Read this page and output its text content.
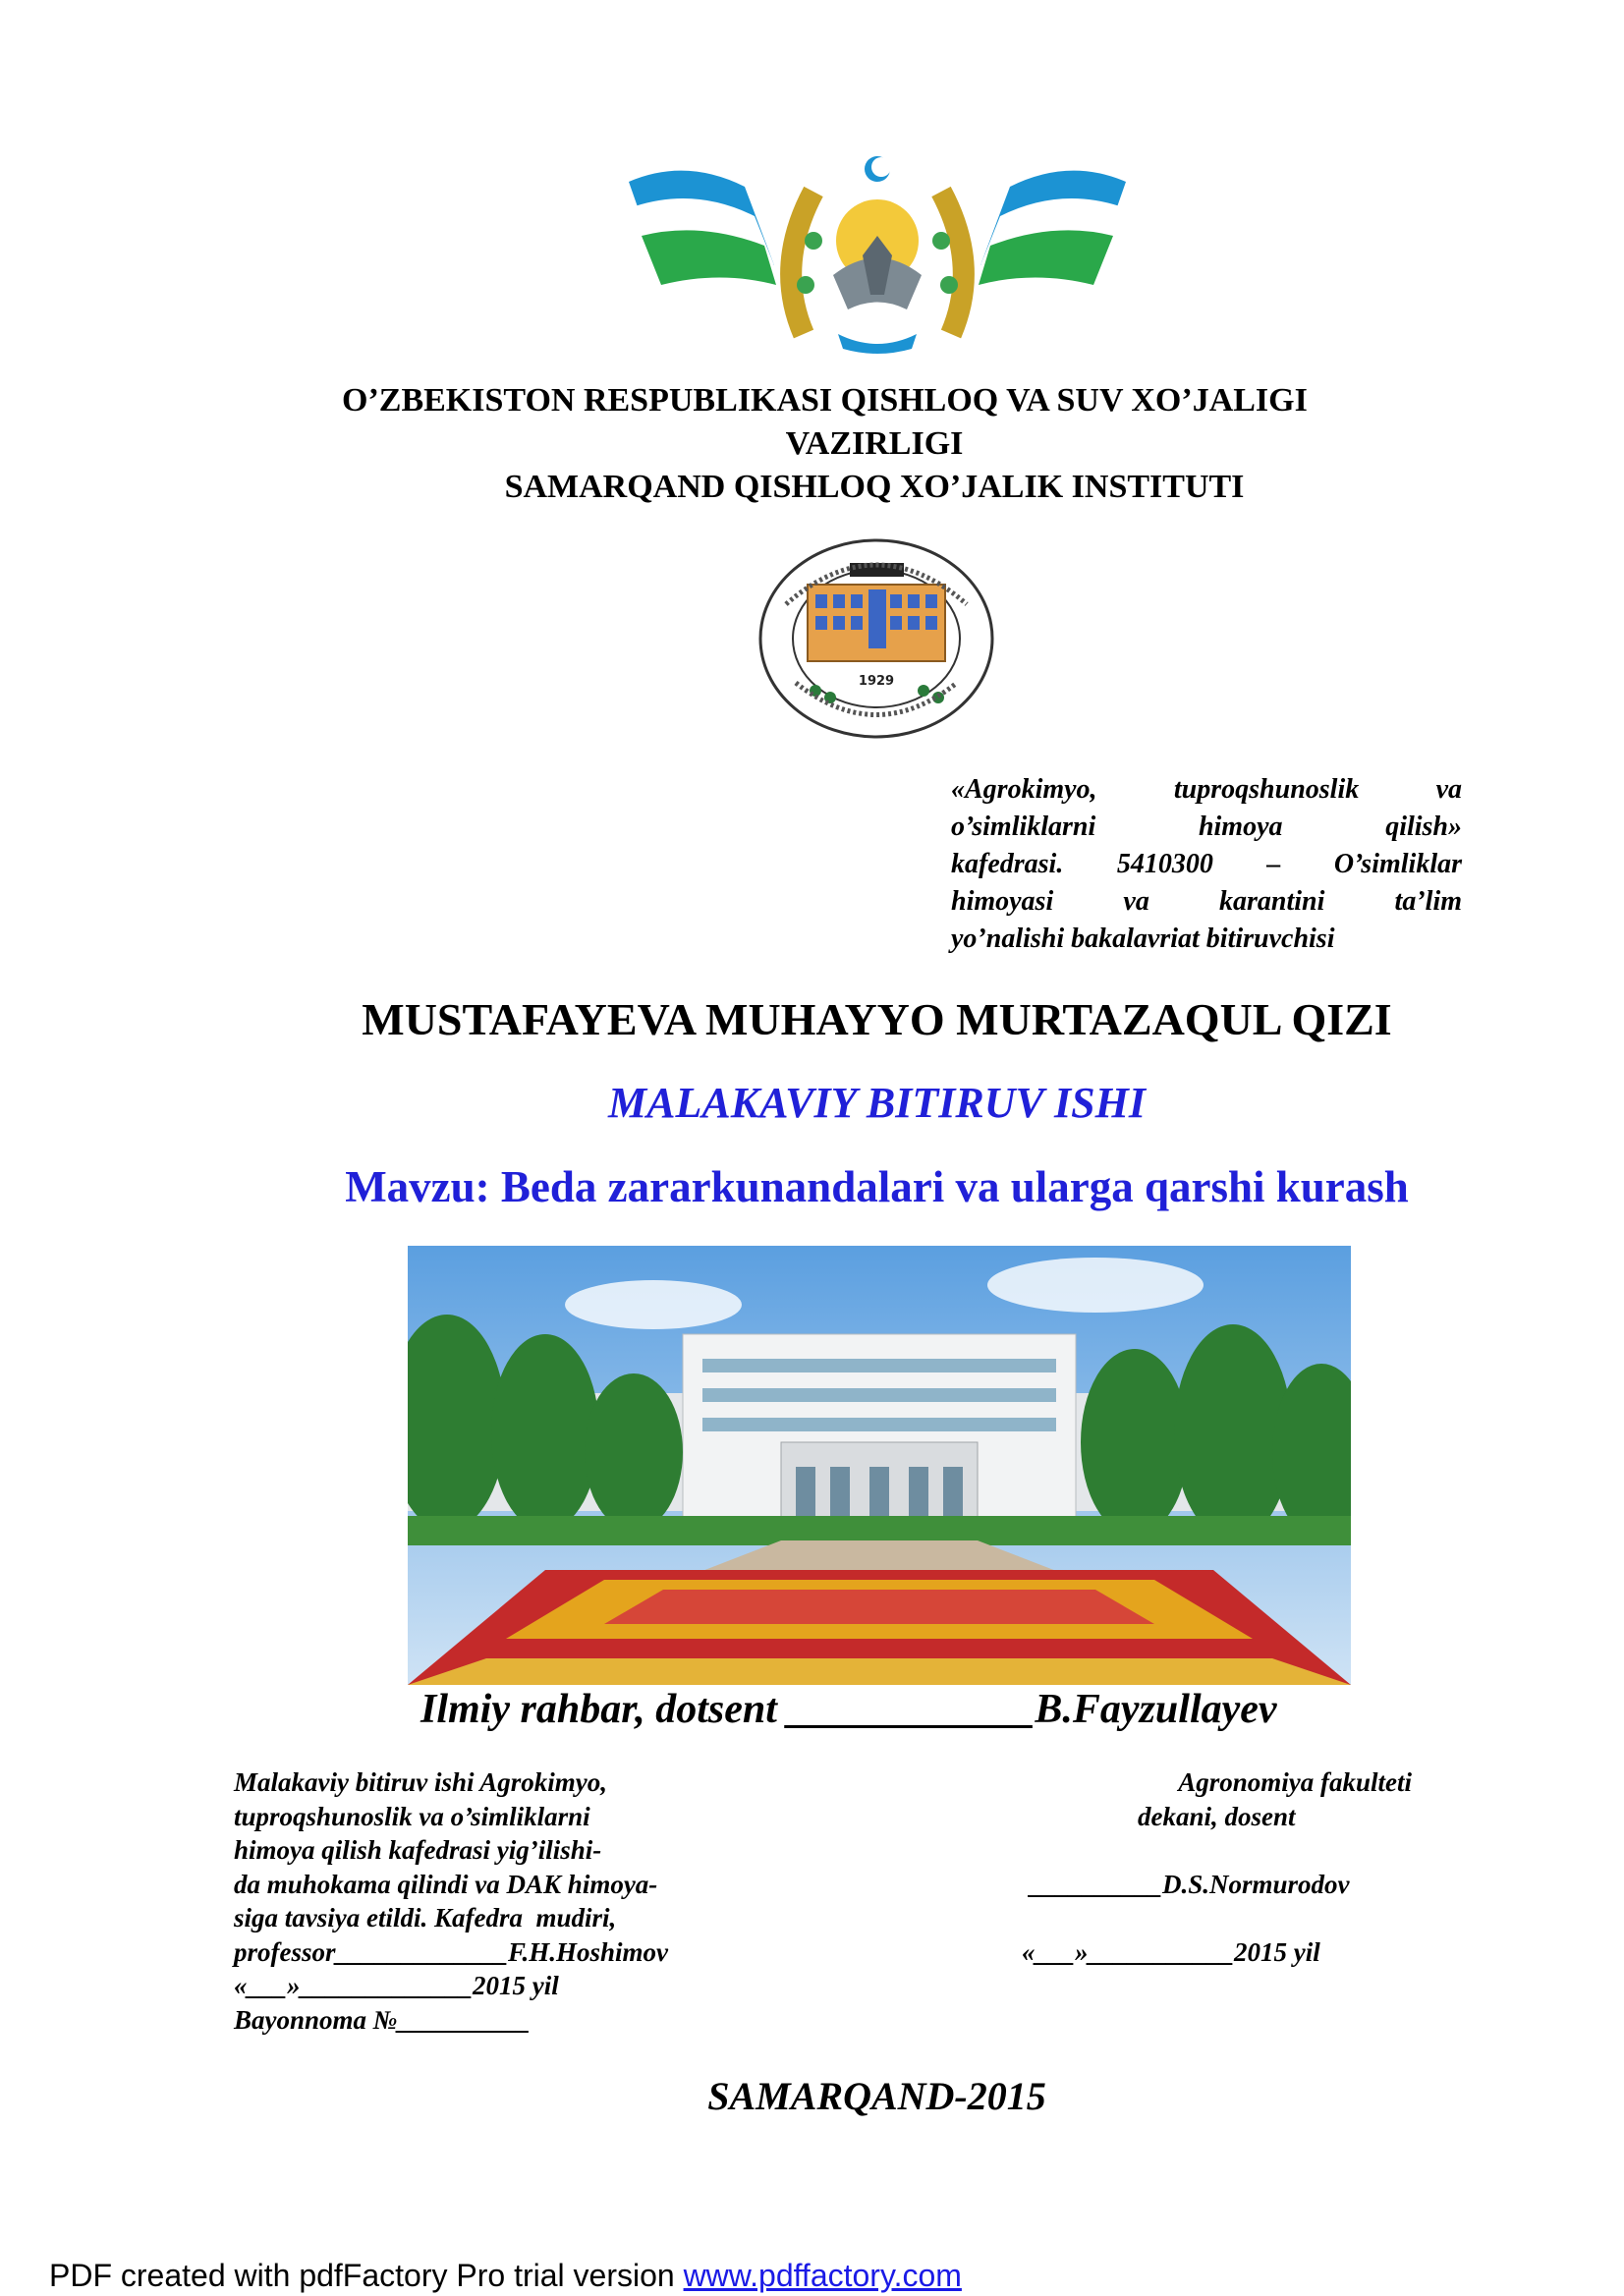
O’ZBEKISTON RESPUBLIKASI QISHLOQ VA SUV XO’JALIGI
VAZIRLIGI
SAMARQAND QISHLOQ XO’JALIK INSTITUTI
1929
«Agrokimyo, tuproqshunoslik va
o’simliklarni himoya qilish»
kafedrasi. 5410300 – O’simliklar
himoyasi va karantini ta’lim
yo’nalishi bakalavriat bitiruvchisi
MUSTAFAYEVA MUHAYYO MURTAZAQUL QIZI
MALAKAVIY BITIRUV ISHI
Mavzu: Beda zararkunandalari va ularga qarshi kurash
Ilmiy rahbar, dotsent ____________B.Fayzullayev
Malakaviy bitiruv ishi Agrokimyo,
tuproqshunoslik va o’simliklarni
himoya qilish kafedrasi yig’ilishi-
da muhokama qilindi va DAK himoya-
siga tavsiya etildi. Kafedra  mudiri,
professor_____________F.H.Hoshimov
«___»_____________2015 yil
Bayonnoma №__________
Agronomiya fakulteti
dekani, dosent
__________D.S.Normurodov
«___»___________2015 yil
SAMARQAND-2015
PDF created with pdfFactory Pro trial version www.pdffactory.com
